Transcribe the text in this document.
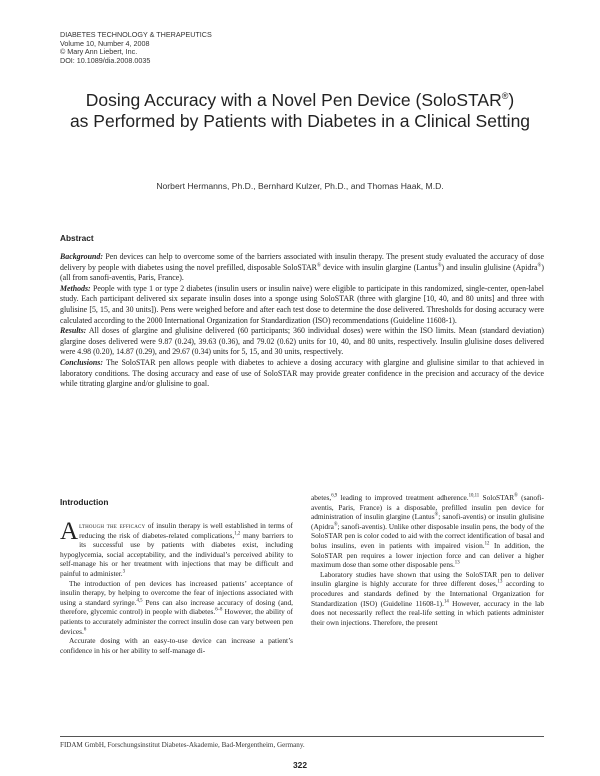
DIABETES TECHNOLOGY & THERAPEUTICS
Volume 10, Number 4, 2008
© Mary Ann Liebert, Inc.
DOI: 10.1089/dia.2008.0035
Dosing Accuracy with a Novel Pen Device (SoloSTAR®)
as Performed by Patients with Diabetes in a Clinical Setting
Norbert Hermanns, Ph.D., Bernhard Kulzer, Ph.D., and Thomas Haak, M.D.
Abstract

Background: Pen devices can help to overcome some of the barriers associated with insulin therapy. The present study evaluated the accuracy of dose delivery by people with diabetes using the novel prefilled, disposable SoloSTAR® device with insulin glargine (Lantus®) and insulin glulisine (Apidra®) (all from sanofi-aventis, Paris, France).

Methods: People with type 1 or type 2 diabetes (insulin users or insulin naive) were eligible to participate in this randomized, single-center, open-label study. Each participant delivered six separate insulin doses into a sponge using SoloSTAR (three with glargine [10, 40, and 80 units] and three with glulisine [5, 15, and 30 units]). Pens were weighed before and after each test dose to determine the dose delivered. Thresholds for dosing accuracy were calculated according to the 2000 International Organization for Standardization (ISO) recommendations (Guideline 11608-1).

Results: All doses of glargine and glulisine delivered (60 participants; 360 individual doses) were within the ISO limits. Mean (standard deviation) glargine doses delivered were 9.87 (0.24), 39.63 (0.36), and 79.02 (0.62) units for 10, 40, and 80 units, respectively. Insulin glulisine doses delivered were 4.98 (0.20), 14.87 (0.29), and 29.67 (0.34) units for 5, 15, and 30 units, respectively.

Conclusions: The SoloSTAR pen allows people with diabetes to achieve a dosing accuracy with glargine and glulisine similar to that achieved in laboratory conditions. The dosing accuracy and ease of use of SoloSTAR may provide greater confidence in the precision and accuracy of the device while titrating glargine and/or glulisine to goal.

Introduction

Although the efficacy of insulin therapy is well established in terms of reducing the risk of diabetes-related complications,$^{1,2}$ many barriers to its successful use by patients with diabetes exist, including hypoglycemia, social acceptability, and the individual’s perceived ability to self-manage his or her treatment with injections that may be difficult and painful to administer.$^3$

The introduction of pen devices has increased patients’ acceptance of insulin therapy, by helping to overcome the fear of injections associated with using a standard syringe.$^{4,5}$ Pens can also increase accuracy of dosing (and, therefore, glycemic control) in people with diabetes.$^{6-8}$ However, the ability of patients to accurately administer the correct insulin dose can vary between pen devices.$^6$

Accurate dosing with an easy-to-use device can increase a patient’s confidence in his or her ability to self-manage di-

abetes,$^{6,9}$ leading to improved treatment adherence.$^{10,11}$ SoloSTAR® (sanofi-aventis, Paris, France) is a disposable, prefilled insulin pen device for administration of insulin glargine (Lantus®; sanofi-aventis) or insulin glulisine (Apidra®; sanofi-aventis). Unlike other disposable insulin pens, the body of the SoloSTAR pen is color coded to aid with the correct identification of basal and bolus insulins, even in patients with impaired vision.$^{12}$ In addition, the SoloSTAR pen requires a lower injection force and can deliver a higher maximum dose than some other disposable pens.$^{13}$

Laboratory studies have shown that using the SoloSTAR pen to deliver insulin glargine is highly accurate for three different doses,$^{13}$ according to procedures and standards defined by the International Organization for Standardization (ISO) (Guideline 11608-1).$^{14}$ However, accuracy in the lab does not necessarily reflect the real-life setting in which patients administer their own injections. Therefore, the present

FIDAM GmbH, Forschungsinstitut Diabetes-Akademie, Bad-Mergentheim, Germany.
322
